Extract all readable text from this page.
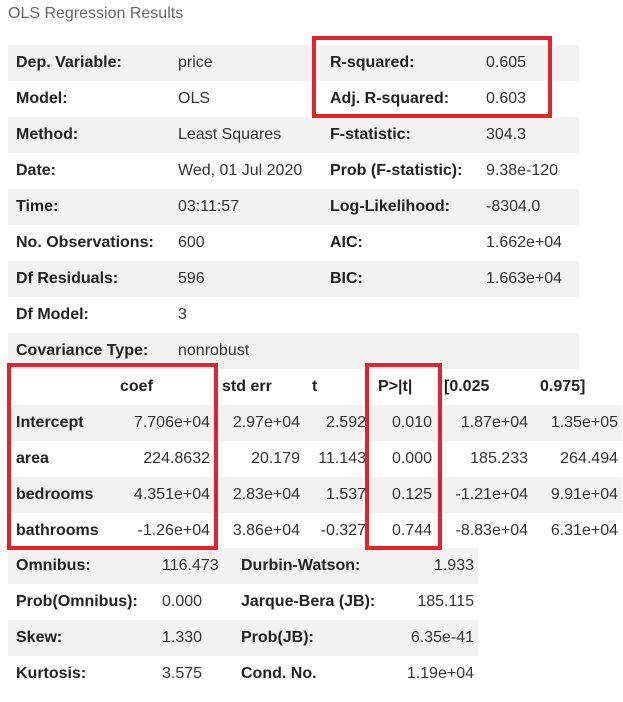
OLS Regression Results
Dep. Variable:	price	R-squared:	0.605
Model:	OLS	Adj. R-squared:	0.603
Method:	Least Squares	F-statistic:	304.3
Date:	Wed, 01 Jul 2020	Prob (F-statistic):	9.38e-120
Time:	03:11:57	Log-Likelihood:	-8304.0
No. Observations:	600	AIC:	1.662e+04
Df Residuals:	596	BIC:	1.663e+04
Df Model:	3		
Covariance Type:	nonrobust		
	coef	std err	t	P>|t|	[0.025	0.975]
Intercept	7.706e+04	2.97e+04	2.592	0.010	1.87e+04	1.35e+05
area	224.8632	20.179	11.143	0.000	185.233	264.494
bedrooms	4.351e+04	2.83e+04	1.537	0.125	-1.21e+04	9.91e+04
bathrooms	-1.26e+04	3.86e+04	-0.327	0.744	-8.83e+04	6.31e+04
Omnibus:	116.473	Durbin-Watson:	1.933
Prob(Omnibus):	0.000	Jarque-Bera (JB):	185.115
Skew:	1.330	Prob(JB):	6.35e-41
Kurtosis:	3.575	Cond. No.	1.19e+04
